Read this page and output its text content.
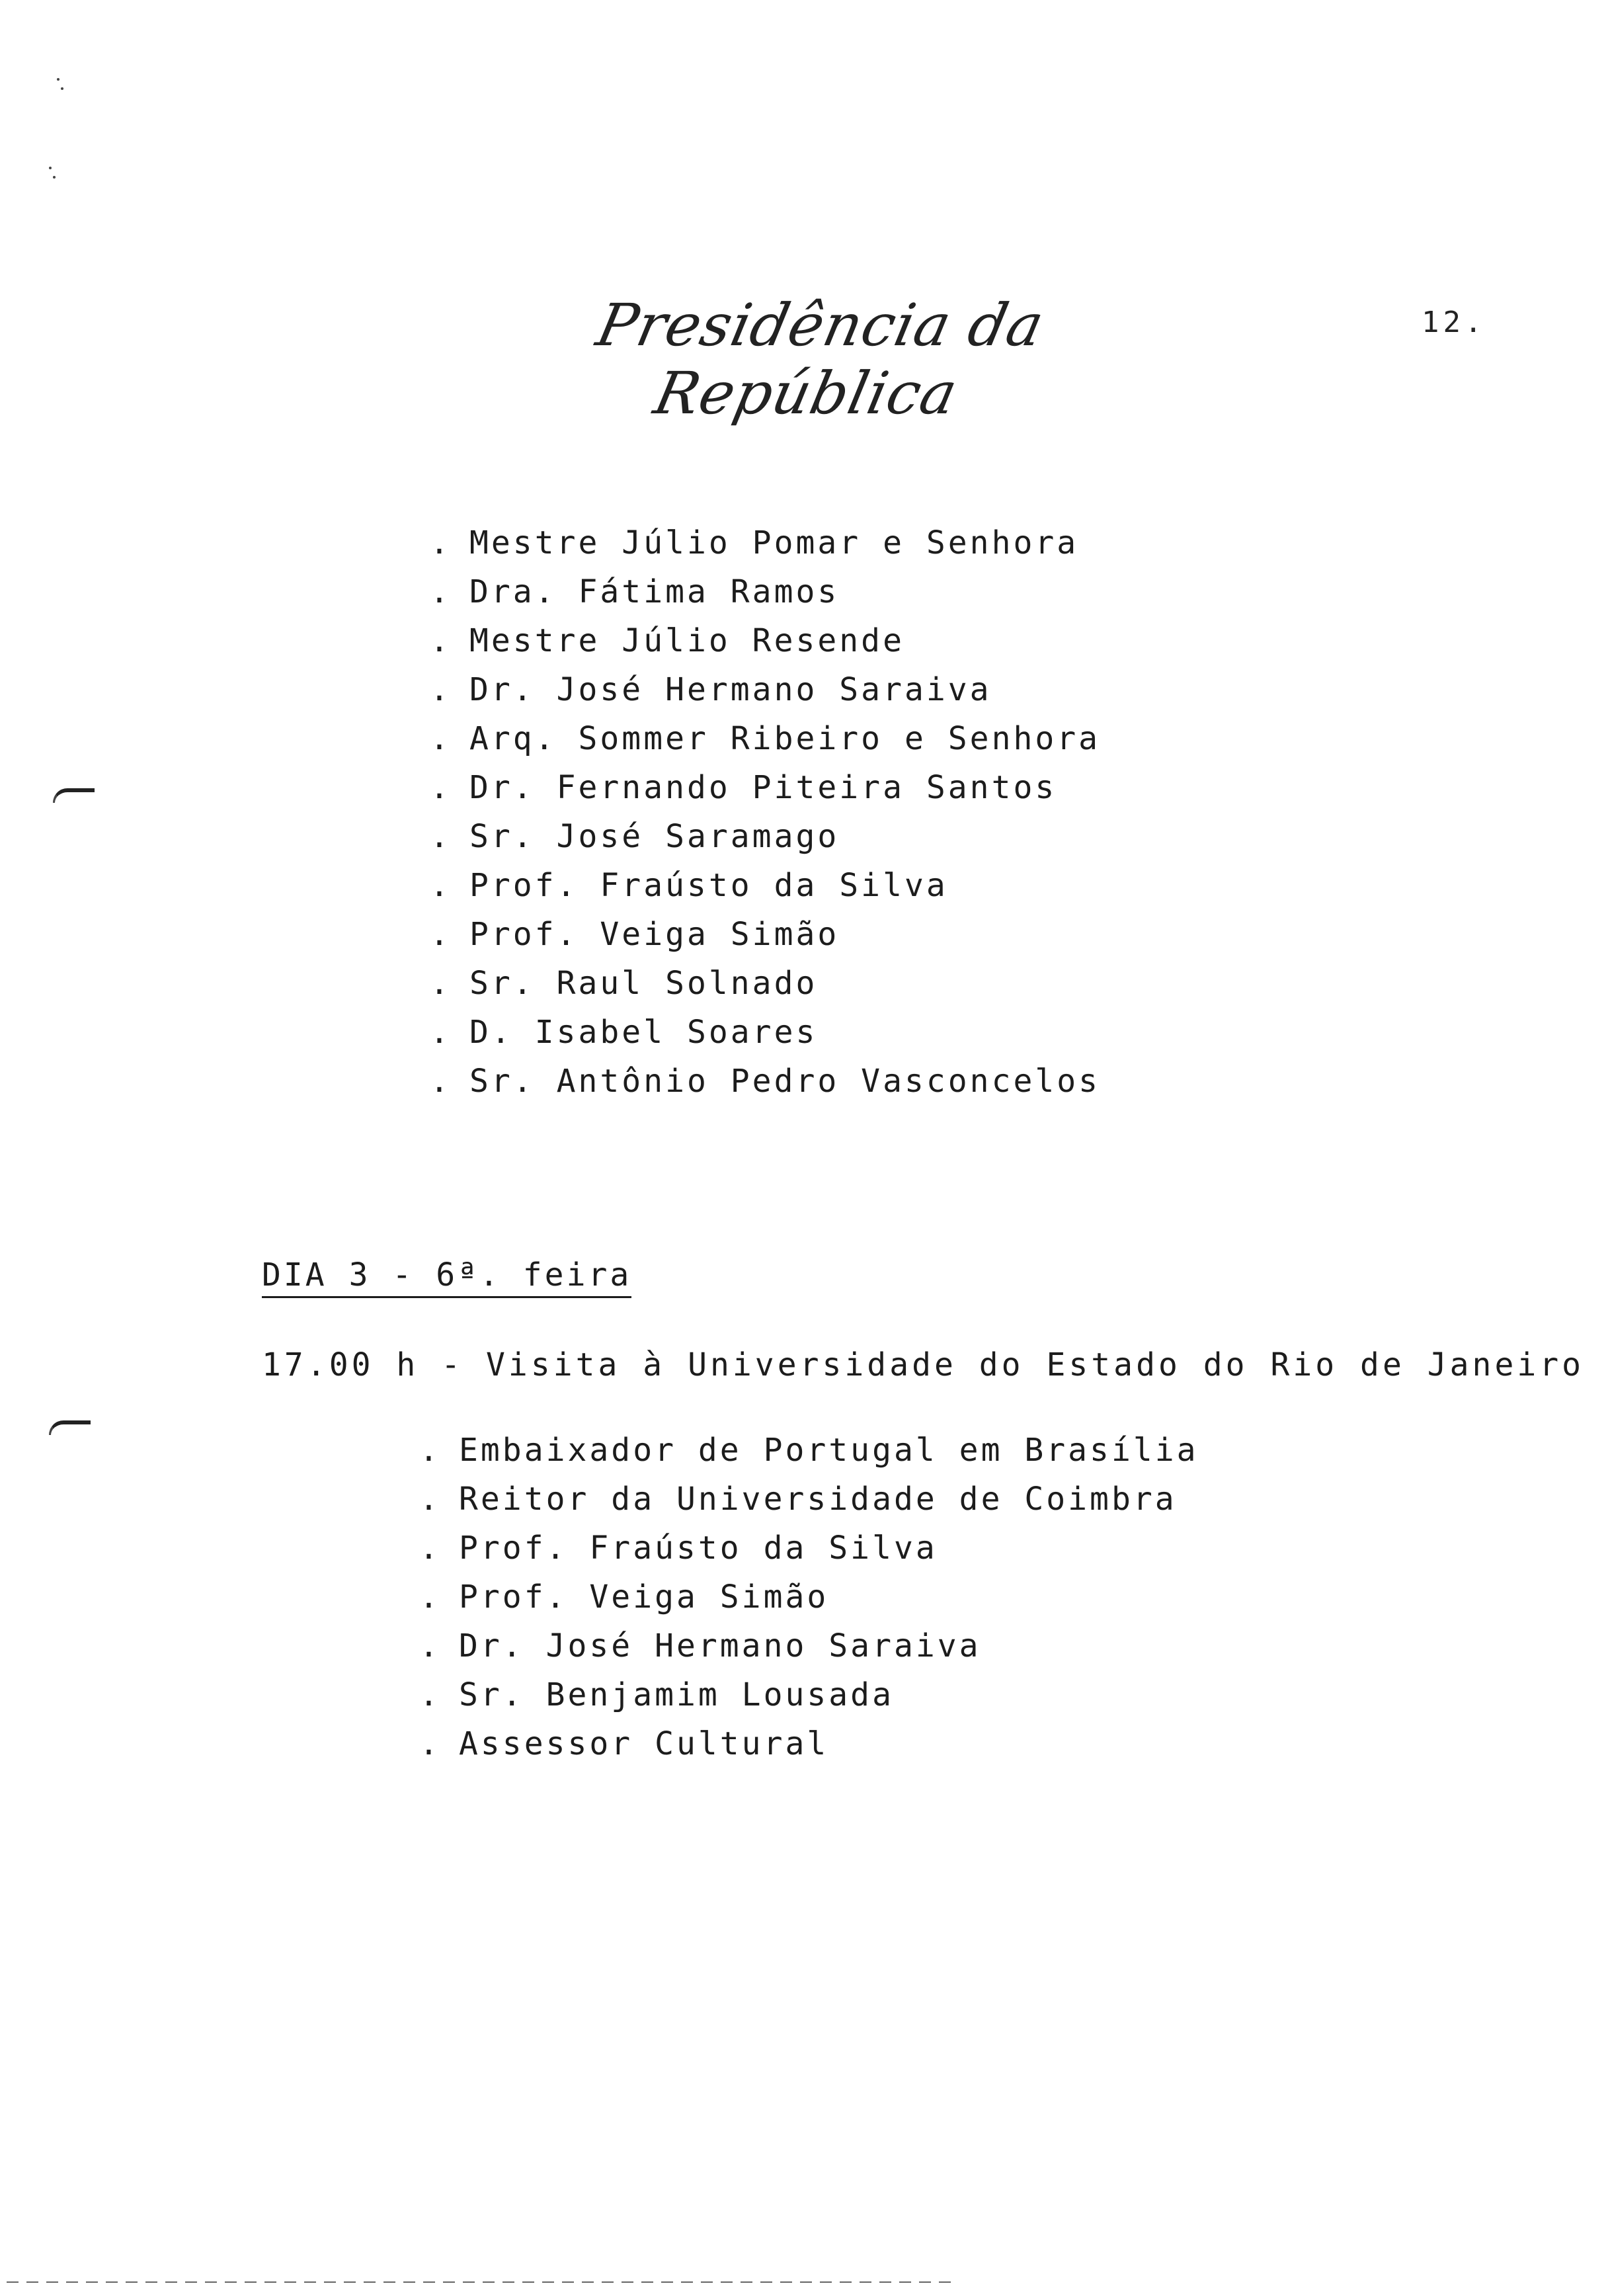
Presidência da República
12.
. Mestre Júlio Pomar e Senhora
. Dra. Fátima Ramos
. Mestre Júlio Resende
. Dr. José Hermano Saraiva
. Arq. Sommer Ribeiro e Senhora
. Dr. Fernando Piteira Santos
. Sr. José Saramago
. Prof. Fraústo da Silva
. Prof. Veiga Simão
. Sr. Raul Solnado
. D. Isabel Soares
. Sr. Antônio Pedro Vasconcelos
DIA 3 - 6ª. feira
17.00 h - Visita à Universidade do Estado do Rio de Janeiro
. Embaixador de Portugal em Brasília
. Reitor da Universidade de Coimbra
. Prof. Fraústo da Silva
. Prof. Veiga Simão
. Dr. José Hermano Saraiva
. Sr. Benjamim Lousada
. Assessor Cultural
